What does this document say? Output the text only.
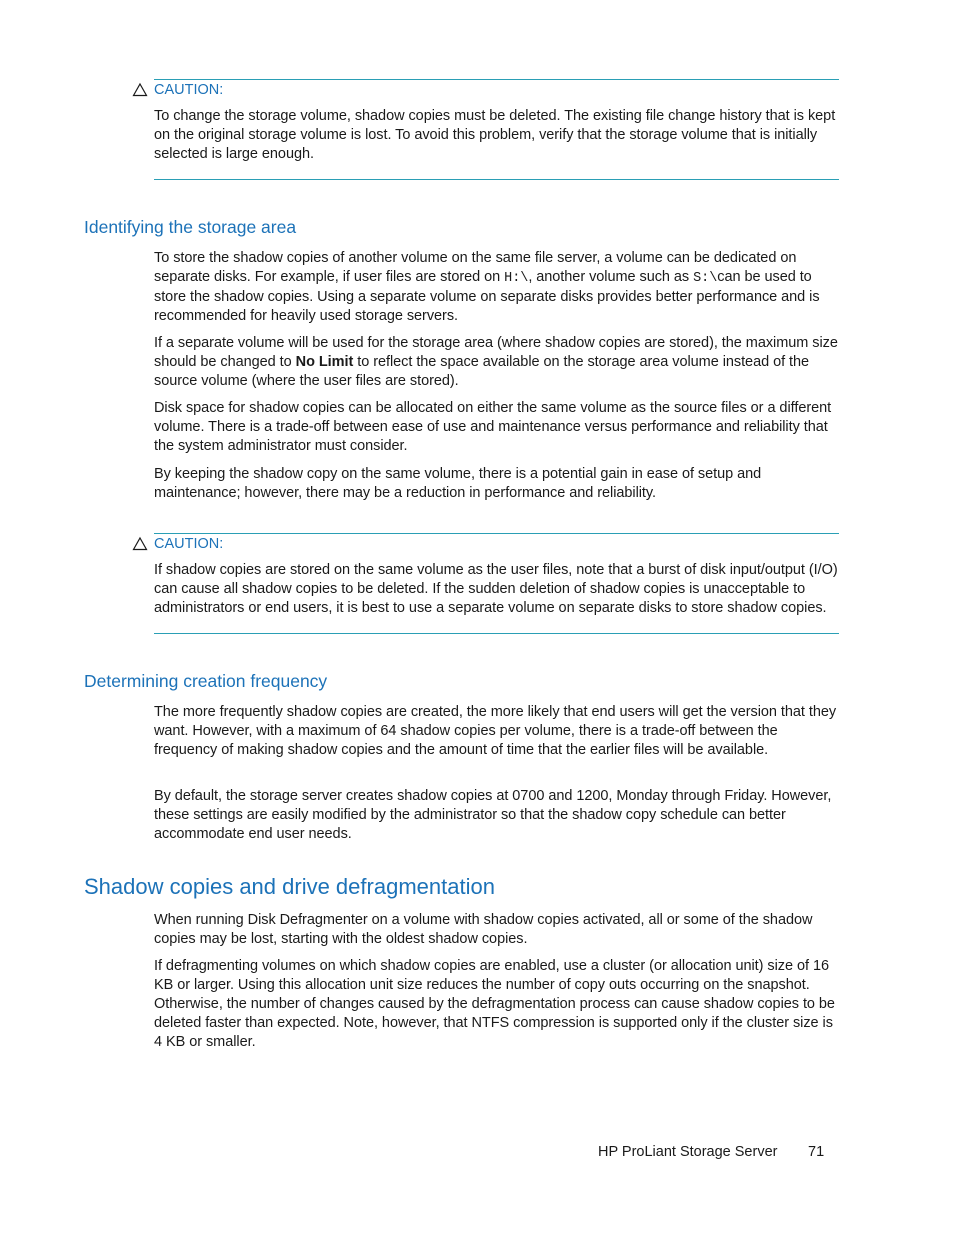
CAUTION:
To change the storage volume, shadow copies must be deleted. The existing file change history that is kept on the original storage volume is lost. To avoid this problem, verify that the storage volume that is initially selected is large enough.
Identifying the storage area
To store the shadow copies of another volume on the same file server, a volume can be dedicated on separate disks. For example, if user files are stored on H:\, another volume such as S:\can be used to store the shadow copies. Using a separate volume on separate disks provides better performance and is recommended for heavily used storage servers.
If a separate volume will be used for the storage area (where shadow copies are stored), the maximum size should be changed to No Limit to reflect the space available on the storage area volume instead of the source volume (where the user files are stored).
Disk space for shadow copies can be allocated on either the same volume as the source files or a different volume. There is a trade-off between ease of use and maintenance versus performance and reliability that the system administrator must consider.
By keeping the shadow copy on the same volume, there is a potential gain in ease of setup and maintenance; however, there may be a reduction in performance and reliability.
CAUTION:
If shadow copies are stored on the same volume as the user files, note that a burst of disk input/output (I/O) can cause all shadow copies to be deleted. If the sudden deletion of shadow copies is unacceptable to administrators or end users, it is best to use a separate volume on separate disks to store shadow copies.
Determining creation frequency
The more frequently shadow copies are created, the more likely that end users will get the version that they want. However, with a maximum of 64 shadow copies per volume, there is a trade-off between the frequency of making shadow copies and the amount of time that the earlier files will be available.
By default, the storage server creates shadow copies at 0700 and 1200, Monday through Friday. However, these settings are easily modified by the administrator so that the shadow copy schedule can better accommodate end user needs.
Shadow copies and drive defragmentation
When running Disk Defragmenter on a volume with shadow copies activated, all or some of the shadow copies may be lost, starting with the oldest shadow copies.
If defragmenting volumes on which shadow copies are enabled, use a cluster (or allocation unit) size of 16 KB or larger. Using this allocation unit size reduces the number of copy outs occurring on the snapshot. Otherwise, the number of changes caused by the defragmentation process can cause shadow copies to be deleted faster than expected. Note, however, that NTFS compression is supported only if the cluster size is 4 KB or smaller.
HP ProLiant Storage Server 71
